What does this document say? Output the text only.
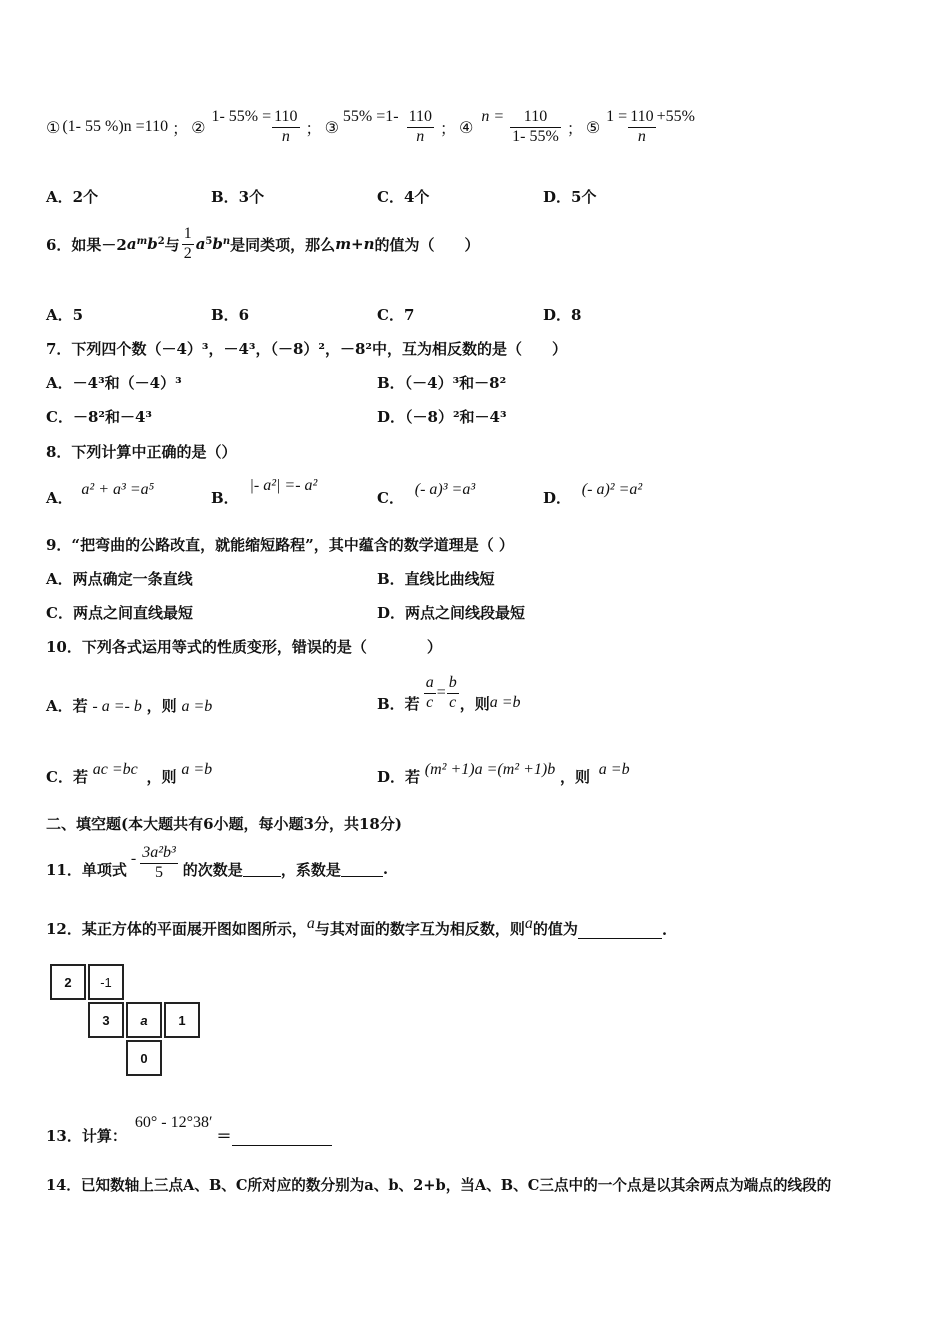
① (1- 55 %)n =110 ； ②
1- $55\% = \frac{110}{n}$ ； ③
$55\% =1- \frac{110}{n}$ ； ④
$n = \frac{110}{1- 55\%}$ ； ⑤
$1 = \frac{110}{n} +55\%$
A．2个	B．3个	C．4个	D．5个
6．如果－2 $a^m$ $b^2$ 与 $\frac{1}{2} a^5$ $b^n$ 是同类项，那么 m+n 的值为（　　）
A．5	B．6	C．7	D．8
7．下列四个数（－4）³，－4³，（－8）²，－8²中，互为相反数的是（　　）
A．－4³和（－4）³	B．（－4）³和－8²
C．－8²和－4³	D．（－8）²和－4³
8．下列计算中正确的是（）
A． a² + a³ =a⁵	B． |- a²| =- a²
C． (- a)³ =a³	D． (- a)² =a²
9．“把弯曲的公路改直，就能缩短路程”，其中蕴含的数学道理是（ ）
A．两点确定一条直线	B．直线比曲线短
C．两点之间直线最短	D．两点之间线段最短
10．下列各式运用等式的性质变形，错误的是（　　　　）
A．若 - a =- b ，则 a =b	B．若 $\frac{a}{c} = \frac{b}{c}$ ，则 a =b
C．若 ac =bc ，则 a =b	D．若 (m² +1)a =(m² +1)b ，则 a =b
二、填空题(本大题共有6小题，每小题3分，共18分)
11．单项式
- $\frac{\text{3a²b³}}{5}$ 的次数是	，系数是	.
12．某正方体的平面展开图如图所示， a 与其对面的数字互为相反数，则 a 的值为	.
2	-1
3	a	1
0
13．计算：
60° - 12°38′
＝
14．已知数轴上三点A、B、C所对应的数分别为a、b、2+b，当A、B、C三点中的一个点是以其余两点为端点的线段的
